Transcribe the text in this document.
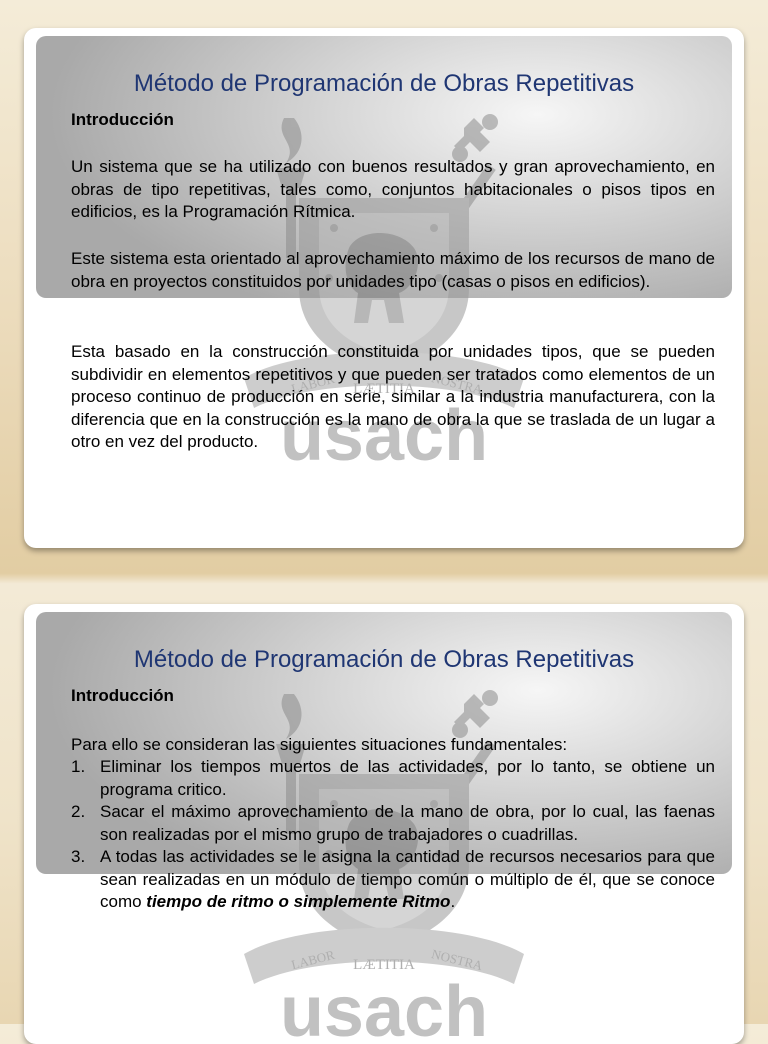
Método de Programación de Obras Repetitivas
Introducción

Un sistema que se ha utilizado con buenos resultados y gran aprovechamiento, en obras de tipo repetitivas, tales como, conjuntos habitacionales o pisos tipos en edificios, es la Programación Rítmica.

Este sistema esta orientado al aprovechamiento máximo de los recursos de mano de obra en proyectos constituidos por unidades tipo (casas o pisos en edificios).

Esta basado en la construcción constituida por unidades tipos, que se pueden subdividir en elementos repetitivos y que pueden ser tratados como elementos de un proceso continuo de producción en serie, similar a la industria manufacturera, con la diferencia que en la construcción es la mano de obra la que se traslada de un lugar a otro en vez del producto.

Método de Programación de Obras Repetitivas
Introducción

Para ello se consideran las siguientes situaciones fundamentales:

1. Eliminar los tiempos muertos de las actividades, por lo tanto, se obtiene un programa critico.
2. Sacar el máximo aprovechamiento de la mano de obra, por lo cual, las faenas son realizadas por el mismo grupo de trabajadores o cuadrillas.
3. A todas las actividades se le asigna la cantidad de recursos necesarios para que sean realizadas en un módulo de tiempo común o múltiplo de él, que se conoce como tiempo de ritmo o simplemente Ritmo.
